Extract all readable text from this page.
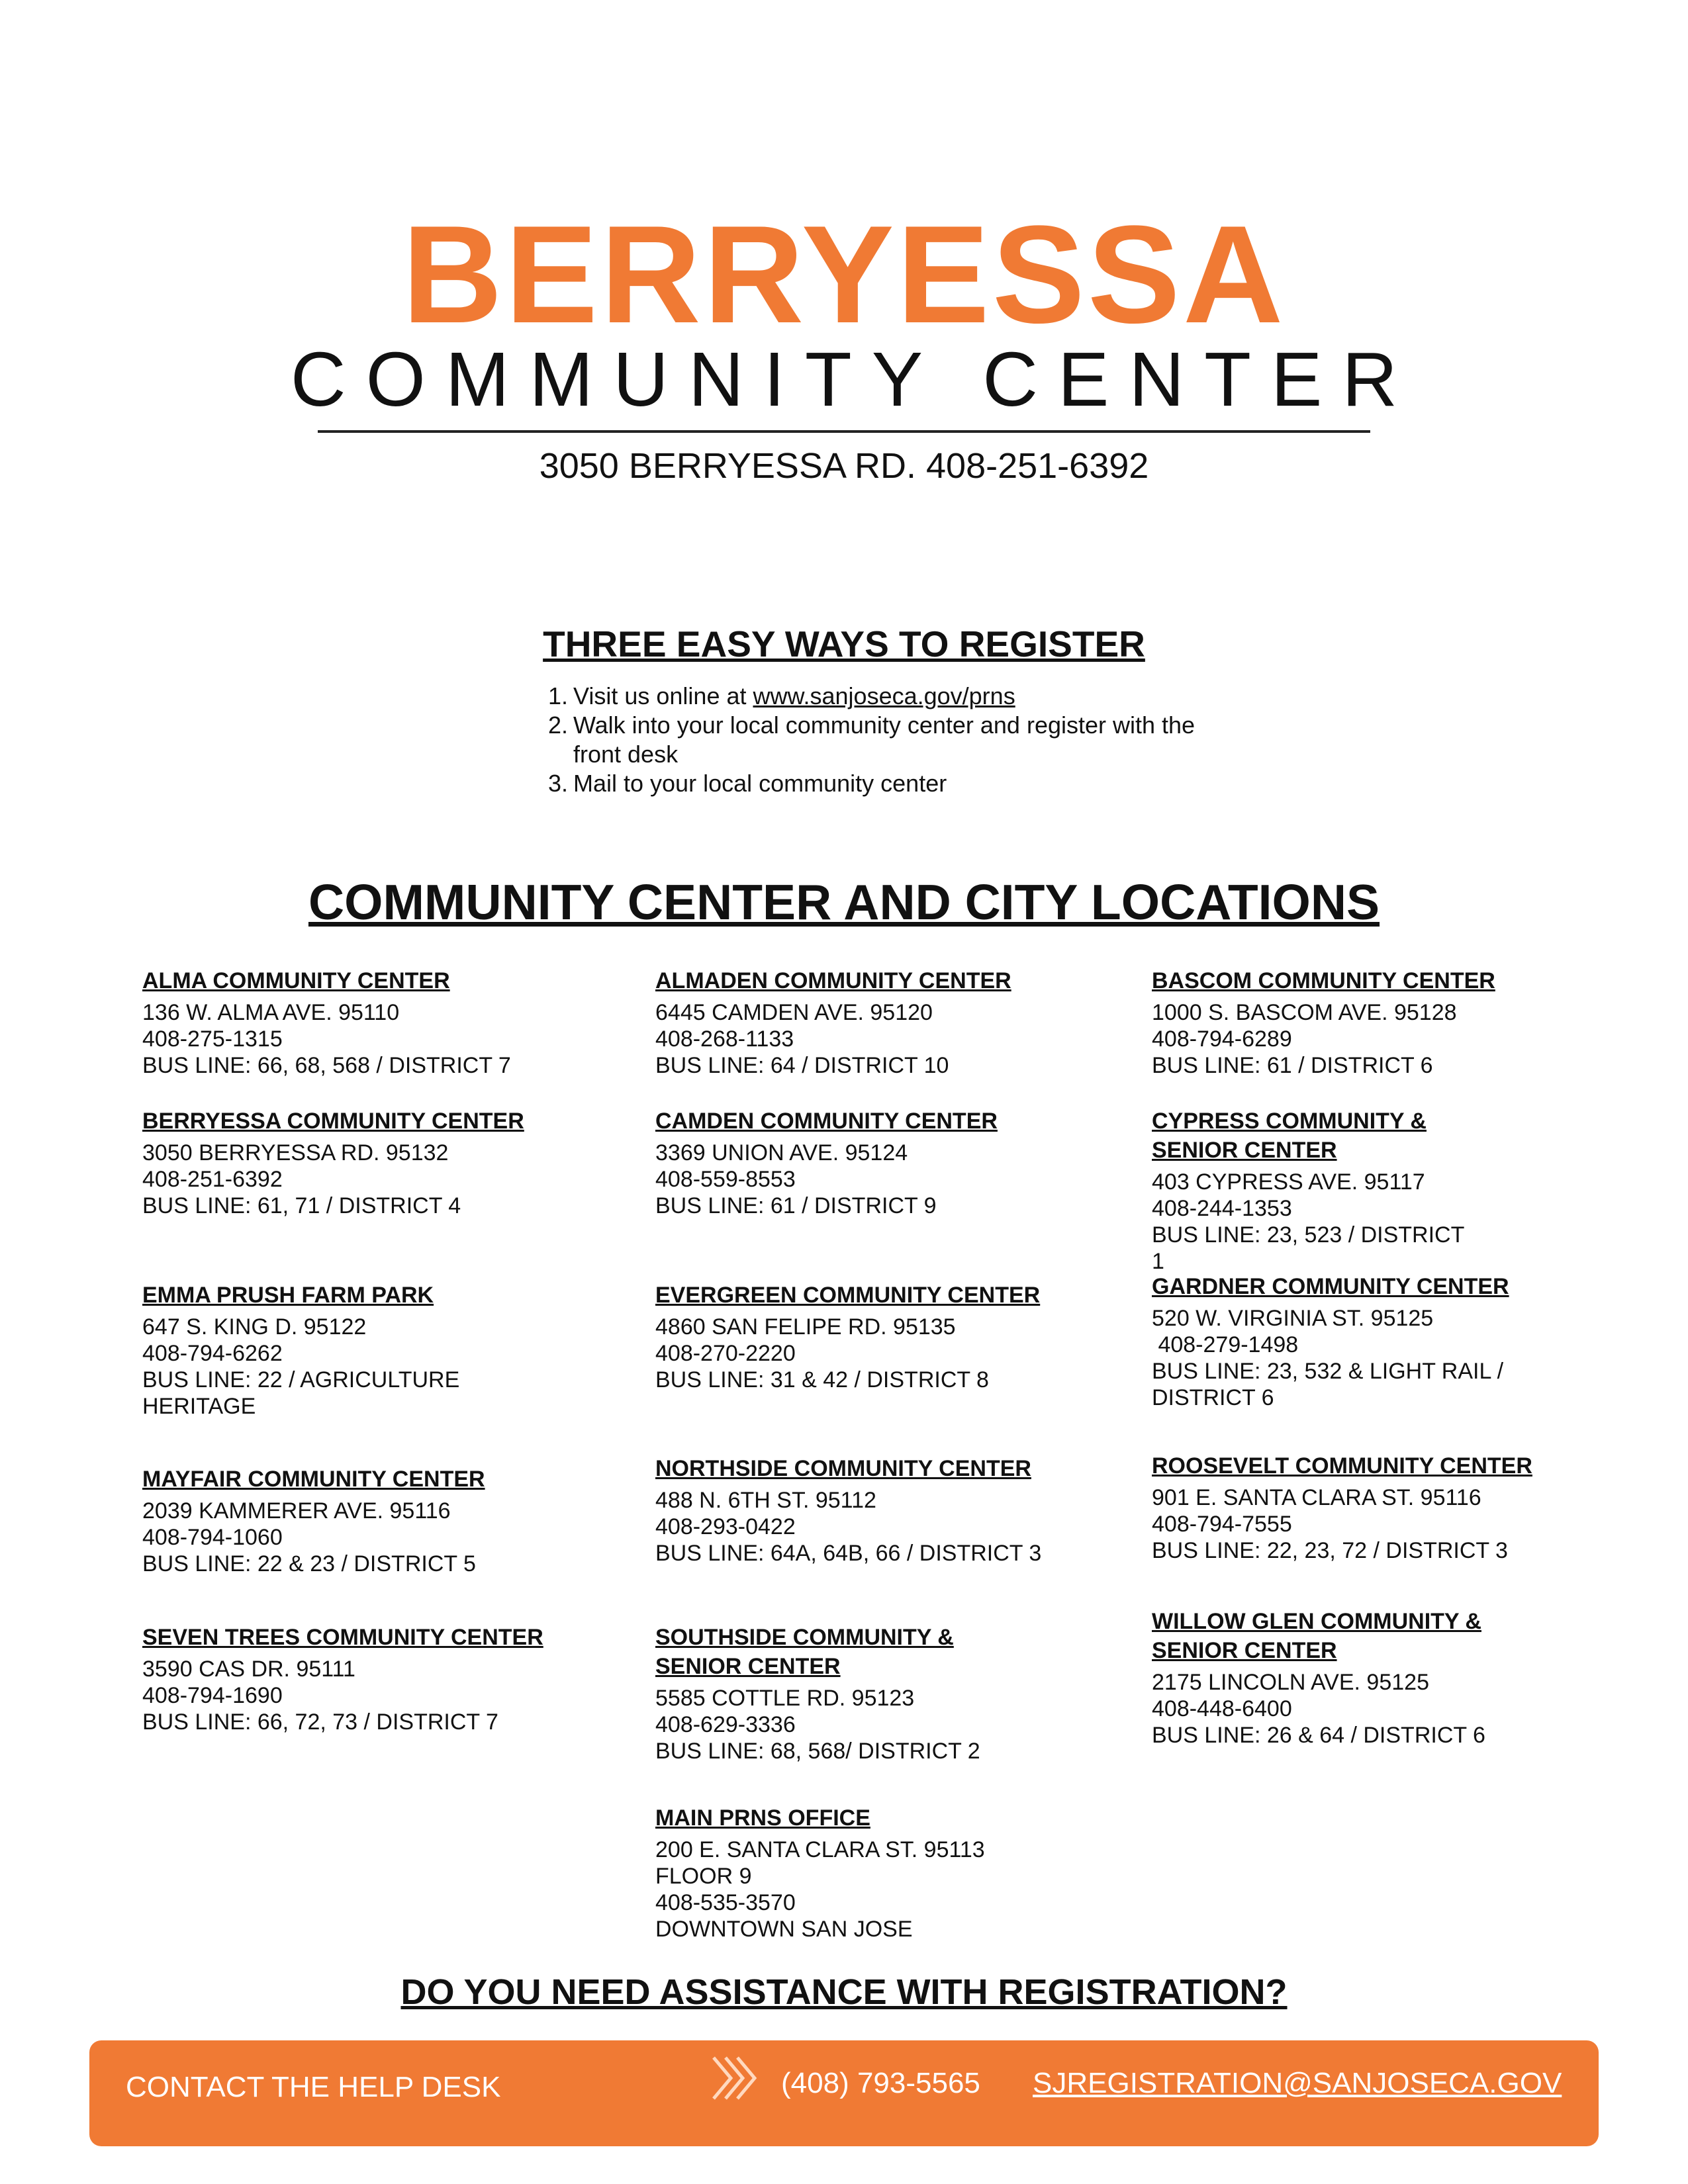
BERRYESSA
COMMUNITY CENTER
3050 BERRYESSA RD. 408-251-6392
THREE EASY WAYS TO REGISTER
1. Visit us online at www.sanjoseca.gov/prns
2. Walk into your local community center and register with the front desk
3. Mail to your local community center
COMMUNITY CENTER AND CITY LOCATIONS
ALMA COMMUNITY CENTER
136 W. ALMA AVE. 95110
408-275-1315
BUS LINE: 66, 68, 568 / DISTRICT 7
ALMADEN COMMUNITY CENTER
6445 CAMDEN AVE. 95120
408-268-1133
BUS LINE: 64 / DISTRICT 10
BASCOM COMMUNITY CENTER
1000 S. BASCOM AVE. 95128
408-794-6289
BUS LINE: 61 / DISTRICT 6
BERRYESSA COMMUNITY CENTER
3050 BERRYESSA RD. 95132
408-251-6392
BUS LINE: 61, 71 / DISTRICT 4
CAMDEN COMMUNITY CENTER
3369 UNION AVE. 95124
408-559-8553
BUS LINE: 61 / DISTRICT 9
CYPRESS COMMUNITY & SENIOR CENTER
403 CYPRESS AVE. 95117
408-244-1353
BUS LINE: 23, 523 / DISTRICT 1
EMMA PRUSH FARM PARK
647 S. KING D. 95122
408-794-6262
BUS LINE: 22 / AGRICULTURE
HERITAGE
EVERGREEN COMMUNITY CENTER
4860 SAN FELIPE RD. 95135
408-270-2220
BUS LINE: 31 & 42 / DISTRICT 8
GARDNER COMMUNITY CENTER
520 W. VIRGINIA ST. 95125
408-279-1498
BUS LINE: 23, 532 & LIGHT RAIL /
DISTRICT 6
MAYFAIR COMMUNITY CENTER
2039 KAMMERER AVE. 95116
408-794-1060
BUS LINE: 22 & 23 / DISTRICT 5
NORTHSIDE COMMUNITY CENTER
488 N. 6TH ST. 95112
408-293-0422
BUS LINE: 64A, 64B, 66 / DISTRICT 3
ROOSEVELT COMMUNITY CENTER
901 E. SANTA CLARA ST. 95116
408-794-7555
BUS LINE: 22, 23, 72 / DISTRICT 3
SEVEN TREES COMMUNITY CENTER
3590 CAS DR. 95111
408-794-1690
BUS LINE: 66, 72, 73 / DISTRICT 7
SOUTHSIDE COMMUNITY & SENIOR CENTER
5585 COTTLE RD. 95123
408-629-3336
BUS LINE: 68, 568/ DISTRICT 2
WILLOW GLEN COMMUNITY & SENIOR CENTER
2175 LINCOLN AVE. 95125
408-448-6400
BUS LINE: 26 & 64 / DISTRICT 6
MAIN PRNS OFFICE
200 E. SANTA CLARA ST. 95113
FLOOR 9
408-535-3570
DOWNTOWN SAN JOSE
DO YOU NEED ASSISTANCE WITH REGISTRATION?
CONTACT THE HELP DESK	(408) 793-5565 SJREGISTRATION@SANJOSECA.GOV
